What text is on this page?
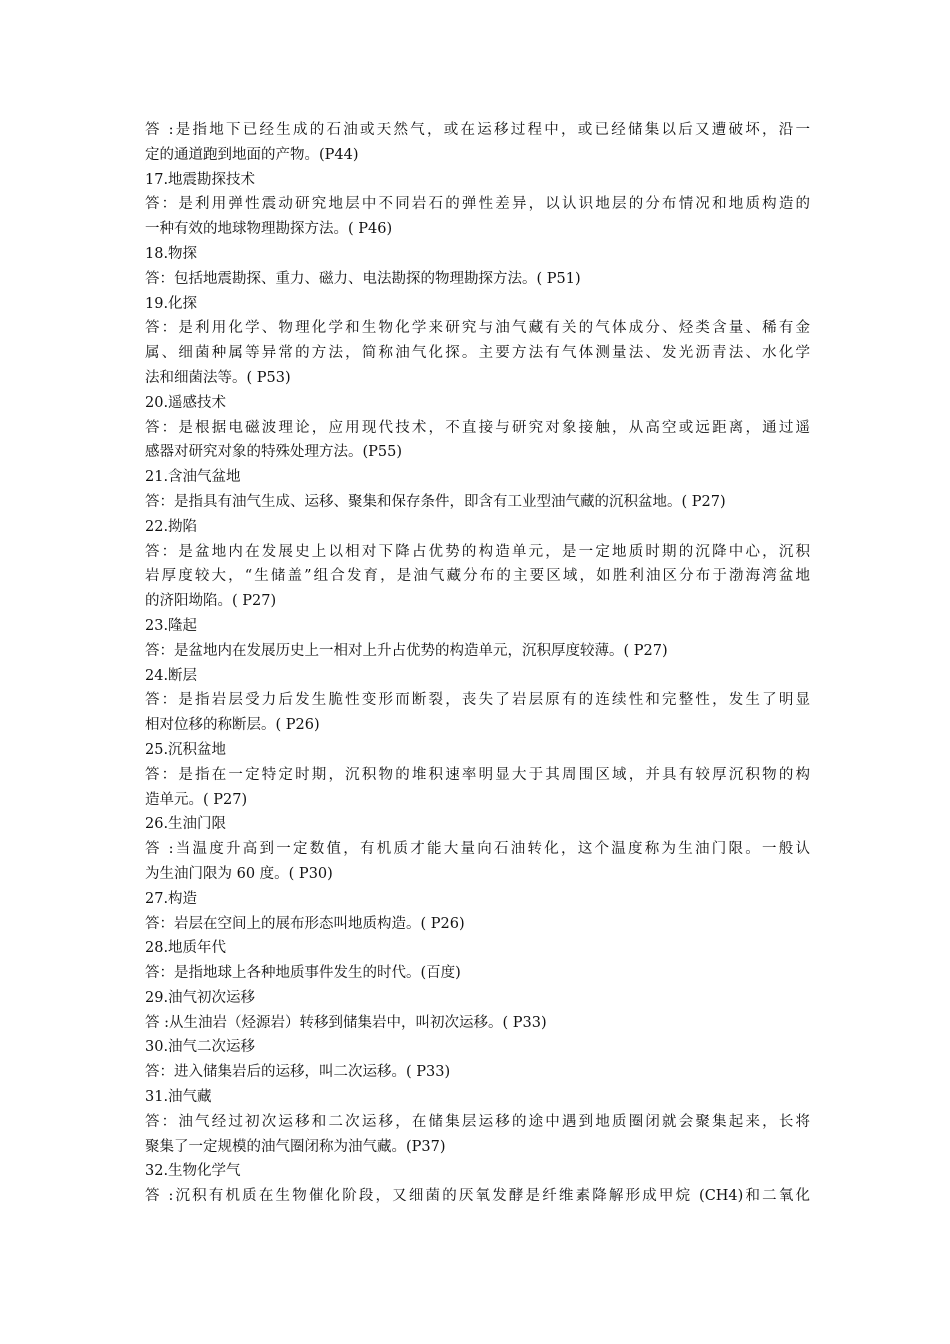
答 :是指地下已经生成的石油或天然气，或在运移过程中，或已经储集以后又遭破坏，沿一
定的通道跑到地面的产物。(P44)
17.地震勘探技术
答：是利用弹性震动研究地层中不同岩石的弹性差异，以认识地层的分布情况和地质构造的
一种有效的地球物理勘探方法。( P46)
18.物探
答：包括地震勘探、重力、磁力、电法勘探的物理勘探方法。( P51)
19.化探
答：是利用化学、物理化学和生物化学来研究与油气藏有关的气体成分、烃类含量、稀有金
属、细菌种属等异常的方法，简称油气化探。主要方法有气体测量法、发光沥青法、水化学
法和细菌法等。( P53)
20.遥感技术
答：是根据电磁波理论，应用现代技术，不直接与研究对象接触，从高空或远距离，通过遥
感器对研究对象的特殊处理方法。(P55)
21.含油气盆地
答：是指具有油气生成、运移、聚集和保存条件，即含有工业型油气藏的沉积盆地。( P27)
22.拗陷
答：是盆地内在发展史上以相对下降占优势的构造单元，是一定地质时期的沉降中心，沉积
岩厚度较大，“生储盖”组合发育，是油气藏分布的主要区域，如胜利油区分布于渤海湾盆地
的济阳坳陷。( P27)
23.隆起
答：是盆地内在发展历史上一相对上升占优势的构造单元，沉积厚度较薄。( P27)
24.断层
答：是指岩层受力后发生脆性变形而断裂，丧失了岩层原有的连续性和完整性，发生了明显
相对位移的称断层。( P26)
25.沉积盆地
答：是指在一定特定时期，沉积物的堆积速率明显大于其周围区域，并具有较厚沉积物的构
造单元。( P27)
26.生油门限
答 :当温度升高到一定数值，有机质才能大量向石油转化，这个温度称为生油门限。一般认
为生油门限为 60 度。( P30)
27.构造
答：岩层在空间上的展布形态叫地质构造。( P26)
28.地质年代
答：是指地球上各种地质事件发生的时代。(百度)
29.油气初次运移
答 :从生油岩（烃源岩）转移到储集岩中，叫初次运移。( P33)
30.油气二次运移
答：进入储集岩后的运移，叫二次运移。( P33)
31.油气藏
答：油气经过初次运移和二次运移，在储集层运移的途中遇到地质圈闭就会聚集起来，长将
聚集了一定规模的油气圈闭称为油气藏。(P37)
32.生物化学气
答 :沉积有机质在生物催化阶段，又细菌的厌氧发酵是纤维素降解形成甲烷 (CH4)和二氧化
